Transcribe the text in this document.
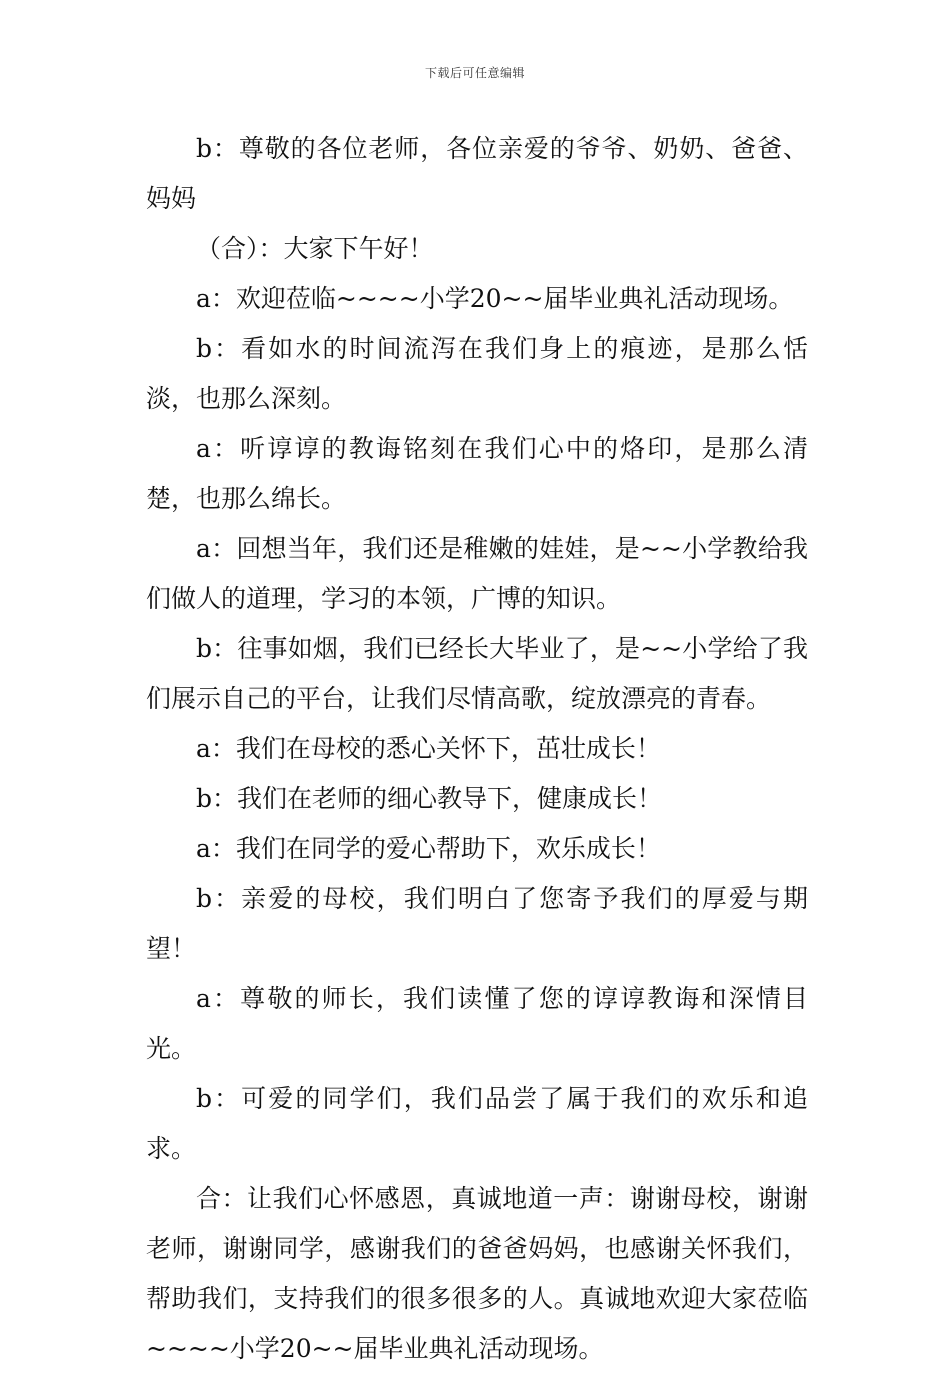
下载后可任意编辑

b：尊敬的各位老师，各位亲爱的爷爷、奶奶、爸爸、妈妈

（合）：大家下午好！

a：欢迎莅临~~~~小学20~~届毕业典礼活动现场。

b：看如水的时间流泻在我们身上的痕迹，是那么恬淡，也那么深刻。

a：听谆谆的教诲铭刻在我们心中的烙印，是那么清楚，也那么绵长。

a：回想当年，我们还是稚嫩的娃娃，是~~小学教给我们做人的道理，学习的本领，广博的知识。

b：往事如烟，我们已经长大毕业了，是~~小学给了我们展示自己的平台，让我们尽情高歌，绽放漂亮的青春。

a：我们在母校的悉心关怀下，茁壮成长！

b：我们在老师的细心教导下，健康成长！

a：我们在同学的爱心帮助下，欢乐成长！

b：亲爱的母校，我们明白了您寄予我们的厚爱与期望！

a：尊敬的师长，我们读懂了您的谆谆教诲和深情目光。

b：可爱的同学们，我们品尝了属于我们的欢乐和追求。

合：让我们心怀感恩，真诚地道一声：谢谢母校，谢谢老师，谢谢同学，感谢我们的爸爸妈妈，也感谢关怀我们，帮助我们，支持我们的很多很多的人。真诚地欢迎大家莅临~~~~小学20~~届毕业典礼活动现场。
